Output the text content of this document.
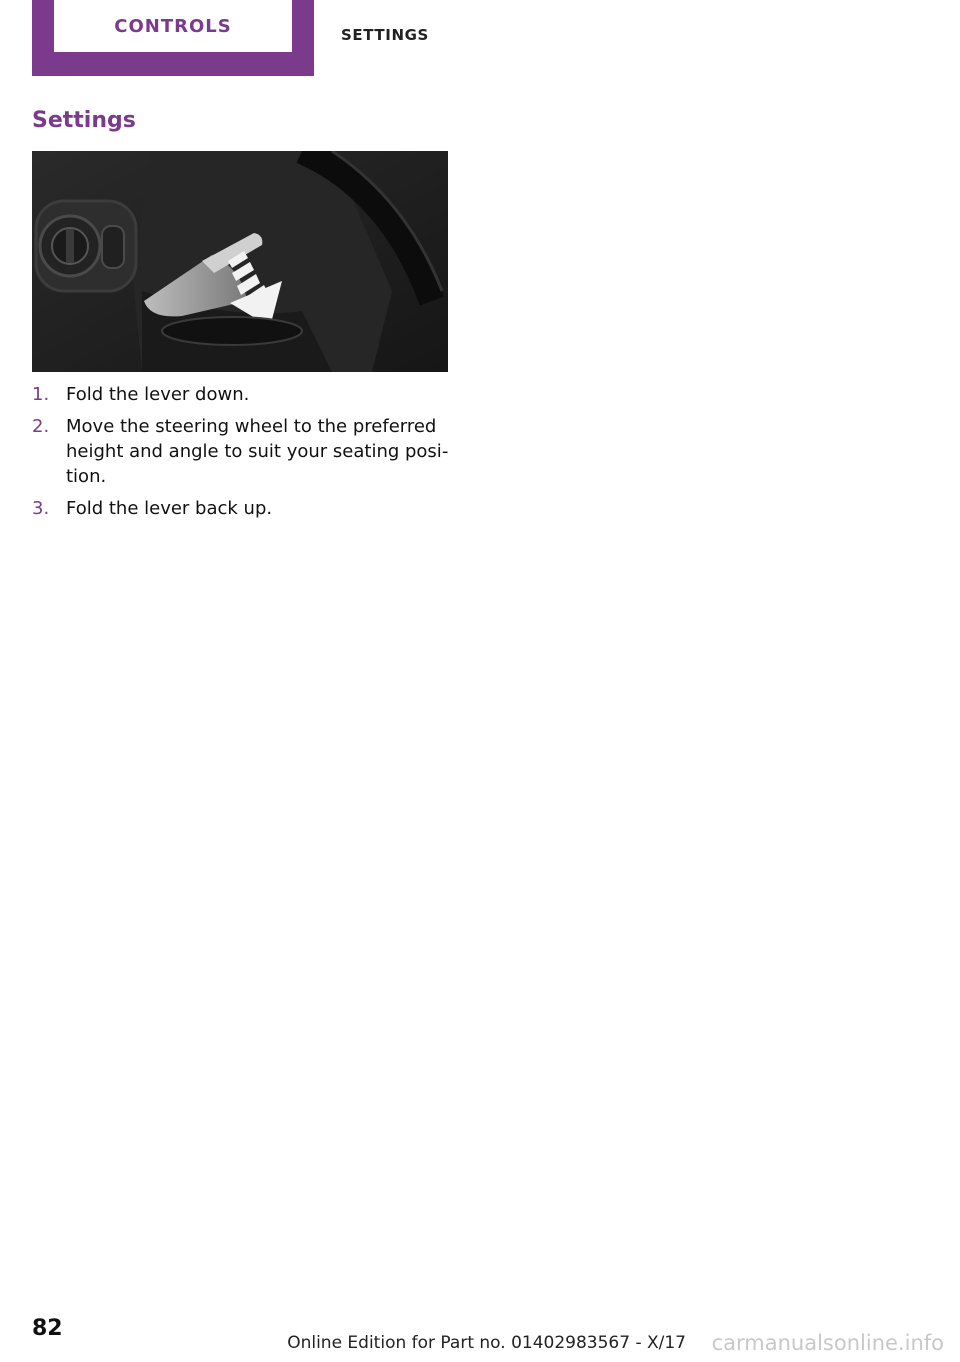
CONTROLS	SETTINGS
Settings
1. Fold the lever down.
2. Move the steering wheel to the preferred height and angle to suit your seating position.
3. Fold the lever back up.
82
Online Edition for Part no. 01402983567 - X/17 carmanualsonline.info
